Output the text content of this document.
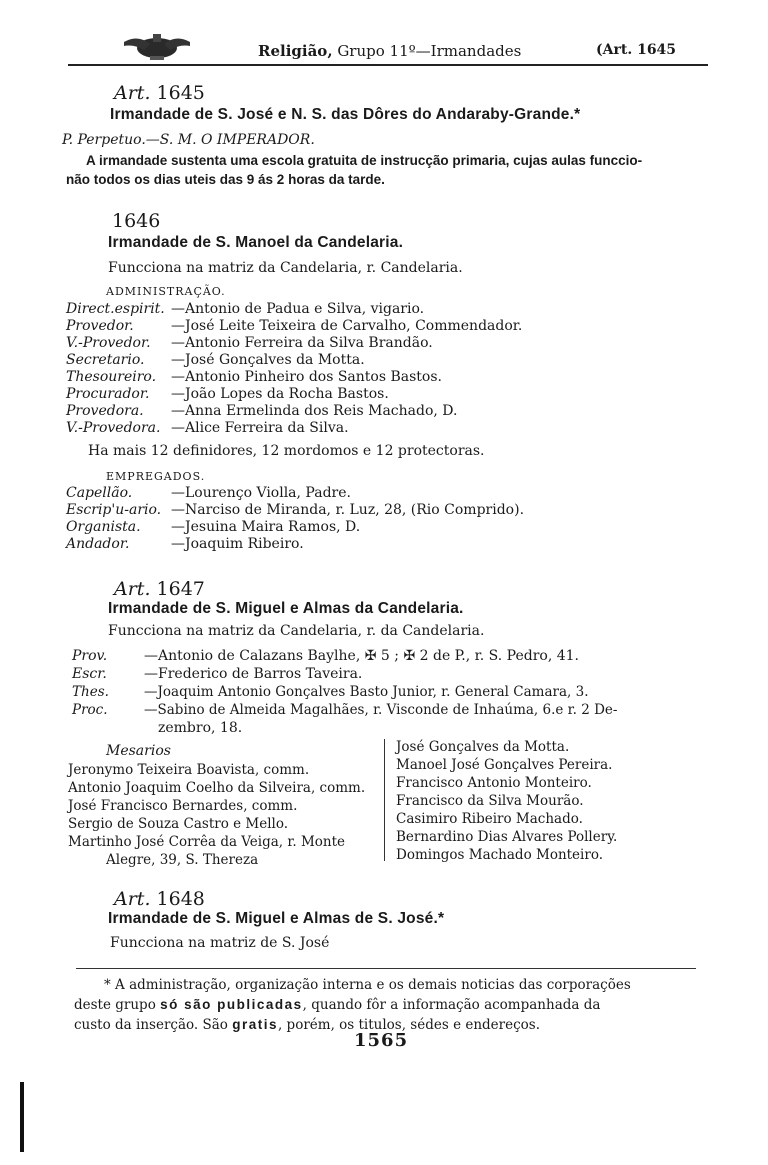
Religião, Grupo 11º—Irmandades	(Art. 1645
Art. 1645
Irmandade de S. José e N. S. das Dôres do Andaraby-Grande.*
P. Perpetuo.—S. M. O IMPERADOR.
A irmandade sustenta uma escola gratuita de instrucção primaria, cujas aulas funccio-
não todos os dias uteis das 9 ás 2 horas da tarde.
1646
Irmandade de S. Manoel da Candelaria.
Funcciona na matriz da Candelaria, r. Candelaria.
ADMINISTRAÇÃO.
Direct.espirit. —Antonio de Padua e Silva, vigario.
Provedor.	—José Leite Teixeira de Carvalho, Commendador.
V.-Provedor. —Antonio Ferreira da Silva Brandão.
Secretario. —José Gonçalves da Motta.
Thesoureiro. —Antonio Pinheiro dos Santos Bastos.
Procurador. —João Lopes da Rocha Bastos.
Provedora. —Anna Ermelinda dos Reis Machado, D.
V.-Provedora. —Alice Ferreira da Silva.
Ha mais 12 definidores, 12 mordomos e 12 protectoras.
EMPREGADOS.
Capellão.	—Lourenço Violla, Padre.
Escrip'u-ario. —Narciso de Miranda, r. Luz, 28, (Rio Comprido).
Organista. —Jesuina Maira Ramos, D.
Andador.	—Joaquim Ribeiro.
Art. 1647
Irmandade de S. Miguel e Almas da Candelaria.
Funcciona na matriz da Candelaria, r. da Candelaria.
Prov.	—Antonio de Calazans Baylhe, ✠ 5 ; ✠ 2 de P., r. S. Pedro, 41.
Escr.	—Frederico de Barros Taveira.
Thes.	—Joaquim Antonio Gonçalves Basto Junior, r. General Camara, 3.
Proc.	—Sabino de Almeida Magalhães, r. Visconde de Inhaúma, 6.e r. 2 De-
zembro, 18.
Mesarios
Jeronymo Teixeira Boavista, comm.
Antonio Joaquim Coelho da Silveira, comm.
José Francisco Bernardes, comm.
Sergio de Souza Castro e Mello.
Martinho José Corrêa da Veiga, r. Monte
Alegre, 39, S. Thereza
José Gonçalves da Motta.
Manoel José Gonçalves Pereira.
Francisco Antonio Monteiro.
Francisco da Silva Mourão.
Casimiro Ribeiro Machado.
Bernardino Dias Alvares Pollery.
Domingos Machado Monteiro.
Art. 1648
Irmandade de S. Miguel e Almas de S. José.*
Funcciona na matriz de S. José
* A administração, organização interna e os demais noticias das corporações
deste grupo só são publicadas, quando fôr a informação acompanhada da
custo da inserção. São gratis, porém, os titulos, sédes e endereços.
1565
